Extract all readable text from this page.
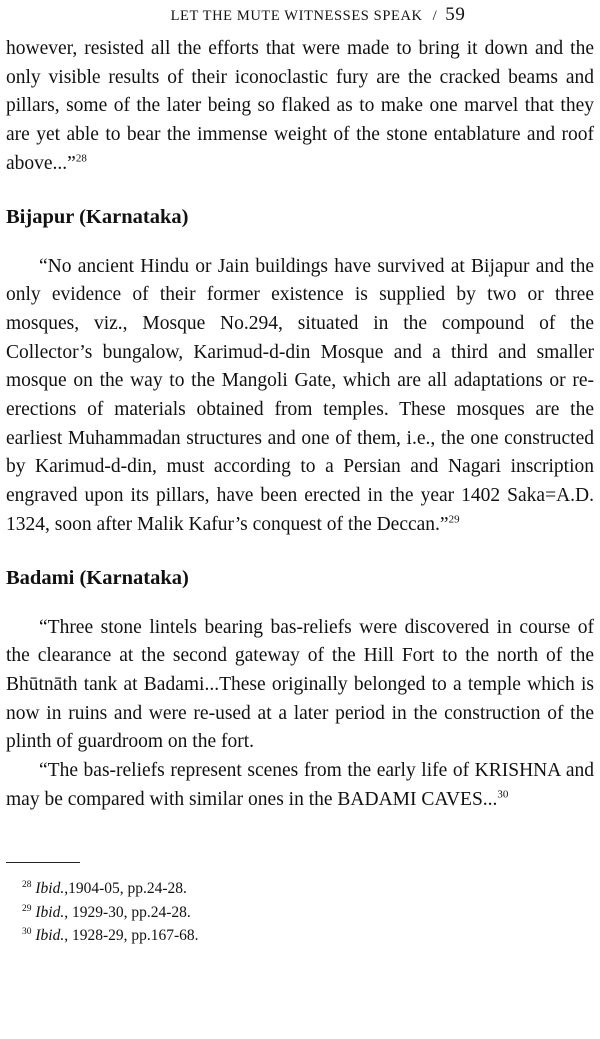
LET THE MUTE WITNESSES SPEAK / 59

however, resisted all the efforts that were made to bring it down and the only visible results of their iconoclastic fury are the cracked beams and pillars, some of the later being so flaked as to make one marvel that they are yet able to bear the immense weight of the stone entablature and roof above...”$^{28}$

Bijapur (Karnataka)

“No ancient Hindu or Jain buildings have survived at Bijapur and the only evidence of their former existence is supplied by two or three mosques, viz., Mosque No.294, situated in the compound of the Collector’s bungalow, Karimud-d-din Mosque and a third and smaller mosque on the way to the Mangoli Gate, which are all adaptations or re-erections of materials obtained from temples. These mosques are the earliest Muhammadan structures and one of them, i.e., the one constructed by Karimud-d-din, must according to a Persian and Nagari inscription engraved upon its pillars, have been erected in the year 1402 Saka=A.D. 1324, soon after Malik Kafur’s conquest of the Deccan.”$^{29}$

Badami (Karnataka)

“Three stone lintels bearing bas-reliefs were discovered in course of the clearance at the second gateway of the Hill Fort to the north of the Bhūtnāth tank at Badami...These originally belonged to a temple which is now in ruins and were re-used at a later period in the construction of the plinth of guardroom on the fort.

“The bas-reliefs represent scenes from the early life of KRISHNA and may be compared with similar ones in the BADAMI CAVES...$^{30}$

$^{28}$ Ibid.,1904-05, pp.24-28.
$^{29}$ Ibid., 1929-30, pp.24-28.
$^{30}$ Ibid., 1928-29, pp.167-68.
